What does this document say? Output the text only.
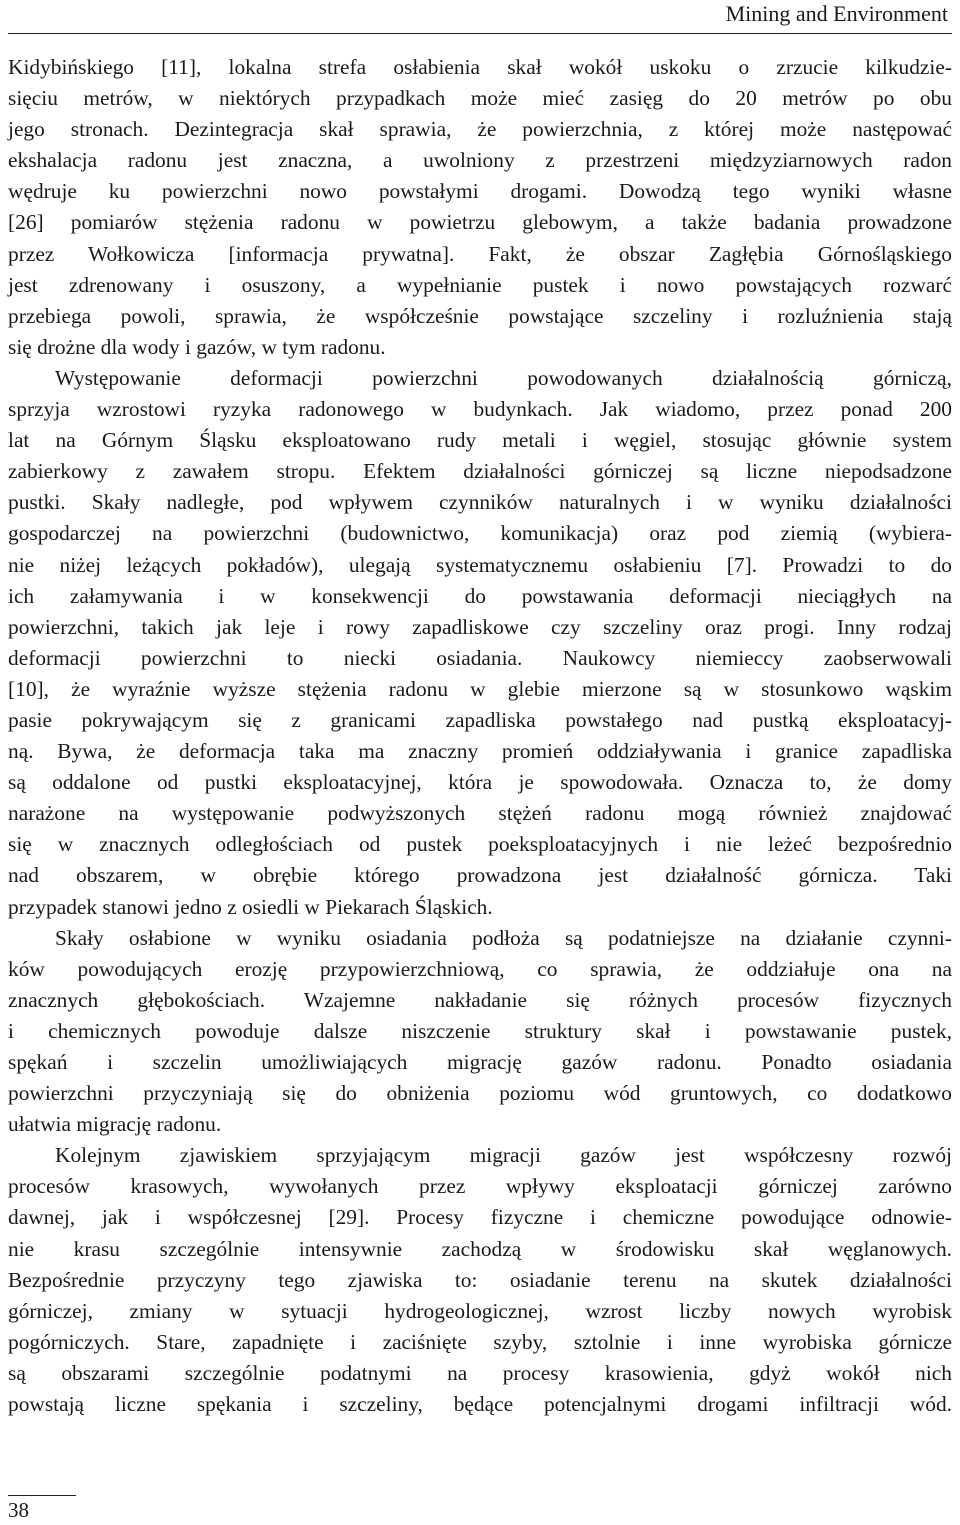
Mining and Environment
Kidybińskiego [11], lokalna strefa osłabienia skał wokół uskoku o zrzucie kilkudzie-
sięciu metrów, w niektórych przypadkach może mieć zasięg do 20 metrów po obu
jego stronach. Dezintegracja skał sprawia, że powierzchnia, z której może następować
ekshalacja radonu jest znaczna, a uwolniony z przestrzeni międzyziarnowych radon
wędruje ku powierzchni nowo powstałymi drogami. Dowodzą tego wyniki własne
[26] pomiarów stężenia radonu w powietrzu glebowym, a także badania prowadzone
przez Wołkowicza [informacja prywatna]. Fakt, że obszar Zagłębia Górnośląskiego
jest zdrenowany i osuszony, a wypełnianie pustek i nowo powstających rozwarć
przebiega powoli, sprawia, że współcześnie powstające szczeliny i rozluźnienia stają
się drożne dla wody i gazów, w tym radonu.
Występowanie deformacji powierzchni powodowanych działalnością górniczą,
sprzyja wzrostowi ryzyka radonowego w budynkach. Jak wiadomo, przez ponad 200
lat na Górnym Śląsku eksploatowano rudy metali i węgiel, stosując głównie system
zabierkowy z zawałem stropu. Efektem działalności górniczej są liczne niepodsadzone
pustki. Skały nadległe, pod wpływem czynników naturalnych i w wyniku działalności
gospodarczej na powierzchni (budownictwo, komunikacja) oraz pod ziemią (wybiera-
nie niżej leżących pokładów), ulegają systematycznemu osłabieniu [7]. Prowadzi to do
ich załamywania i w konsekwencji do powstawania deformacji nieciągłych na
powierzchni, takich jak leje i rowy zapadliskowe czy szczeliny oraz progi. Inny rodzaj
deformacji powierzchni to niecki osiadania. Naukowcy niemieccy zaobserwowali
[10], że wyraźnie wyższe stężenia radonu w glebie mierzone są w stosunkowo wąskim
pasie pokrywającym się z granicami zapadliska powstałego nad pustką eksploatacyj-
ną. Bywa, że deformacja taka ma znaczny promień oddziaływania i granice zapadliska
są oddalone od pustki eksploatacyjnej, która je spowodowała. Oznacza to, że domy
narażone na występowanie podwyższonych stężeń radonu mogą również znajdować
się w znacznych odległościach od pustek poeksploatacyjnych i nie leżeć bezpośrednio
nad obszarem, w obrębie którego prowadzona jest działalność górnicza. Taki
przypadek stanowi jedno z osiedli w Piekarach Śląskich.
Skały osłabione w wyniku osiadania podłoża są podatniejsze na działanie czynni-
ków powodujących erozję przypowierzchniową, co sprawia, że oddziałuje ona na
znacznych głębokościach. Wzajemne nakładanie się różnych procesów fizycznych
i chemicznych powoduje dalsze niszczenie struktury skał i powstawanie pustek,
spękań i szczelin umożliwiających migrację gazów radonu. Ponadto osiadania
powierzchni przyczyniają się do obniżenia poziomu wód gruntowych, co dodatkowo
ułatwia migrację radonu.
Kolejnym zjawiskiem sprzyjającym migracji gazów jest współczesny rozwój
procesów krasowych, wywołanych przez wpływy eksploatacji górniczej zarówno
dawnej, jak i współczesnej [29]. Procesy fizyczne i chemiczne powodujące odnowie-
nie krasu szczególnie intensywnie zachodzą w środowisku skał węglanowych.
Bezpośrednie przyczyny tego zjawiska to: osiadanie terenu na skutek działalności
górniczej, zmiany w sytuacji hydrogeologicznej, wzrost liczby nowych wyrobisk
pogórniczych. Stare, zapadnięte i zaciśnięte szyby, sztolnie i inne wyrobiska górnicze
są obszarami szczególnie podatnymi na procesy krasowienia, gdyż wokół nich
powstają liczne spękania i szczeliny, będące potencjalnymi drogami infiltracji wód.
38
